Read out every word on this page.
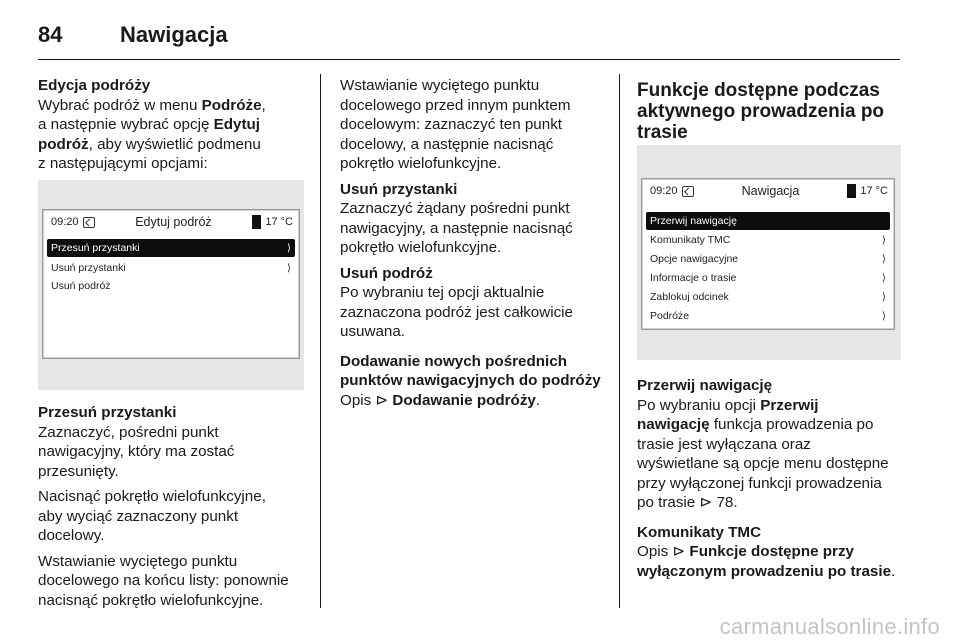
84	Nawigacja

Edycja podróży

Wybrać podróż w menu Podróże,

a następnie wybrać opcję Edytuj

podróż, aby wyświetlić podmenu

z następującymi opcjami:

09:20	Edytuj podróż	17 °C
Przesuń przystanki	⟩
Usuń przystanki	⟩
Usuń podróż

Przesuń przystanki

Zaznaczyć, pośredni punkt

nawigacyjny, który ma zostać

przesunięty.

Nacisnąć pokrętło wielofunkcyjne,

aby wyciąć zaznaczony punkt

docelowy.

Wstawianie wyciętego punktu

docelowego na końcu listy: ponownie

nacisnąć pokrętło wielofunkcyjne.

Wstawianie wyciętego punktu

docelowego przed innym punktem

docelowym: zaznaczyć ten punkt

docelowy, a następnie nacisnąć

pokrętło wielofunkcyjne.

Usuń przystanki

Zaznaczyć żądany pośredni punkt

nawigacyjny, a następnie nacisnąć

pokrętło wielofunkcyjne.

Usuń podróż

Po wybraniu tej opcji aktualnie

zaznaczona podróż jest całkowicie

usuwana.

Dodawanie nowych pośrednich

punktów nawigacyjnych do podróży

Opis ⊳ Dodawanie podróży.

Funkcje dostępne podczas

aktywnego prowadzenia po

trasie

09:20	Nawigacja	17 °C
Przerwij nawigację
Komunikaty TMC	⟩
Opcje nawigacyjne	⟩
Informacje o trasie	⟩
Zablokuj odcinek	⟩
Podróże	⟩

Przerwij nawigację

Po wybraniu opcji Przerwij

nawigację funkcja prowadzenia po

trasie jest wyłączana oraz

wyświetlane są opcje menu dostępne

przy wyłączonej funkcji prowadzenia

po trasie ⊳ 78.

Komunikaty TMC

Opis ⊳ Funkcje dostępne przy

wyłączonym prowadzeniu po trasie.

carmanualsonline.info
